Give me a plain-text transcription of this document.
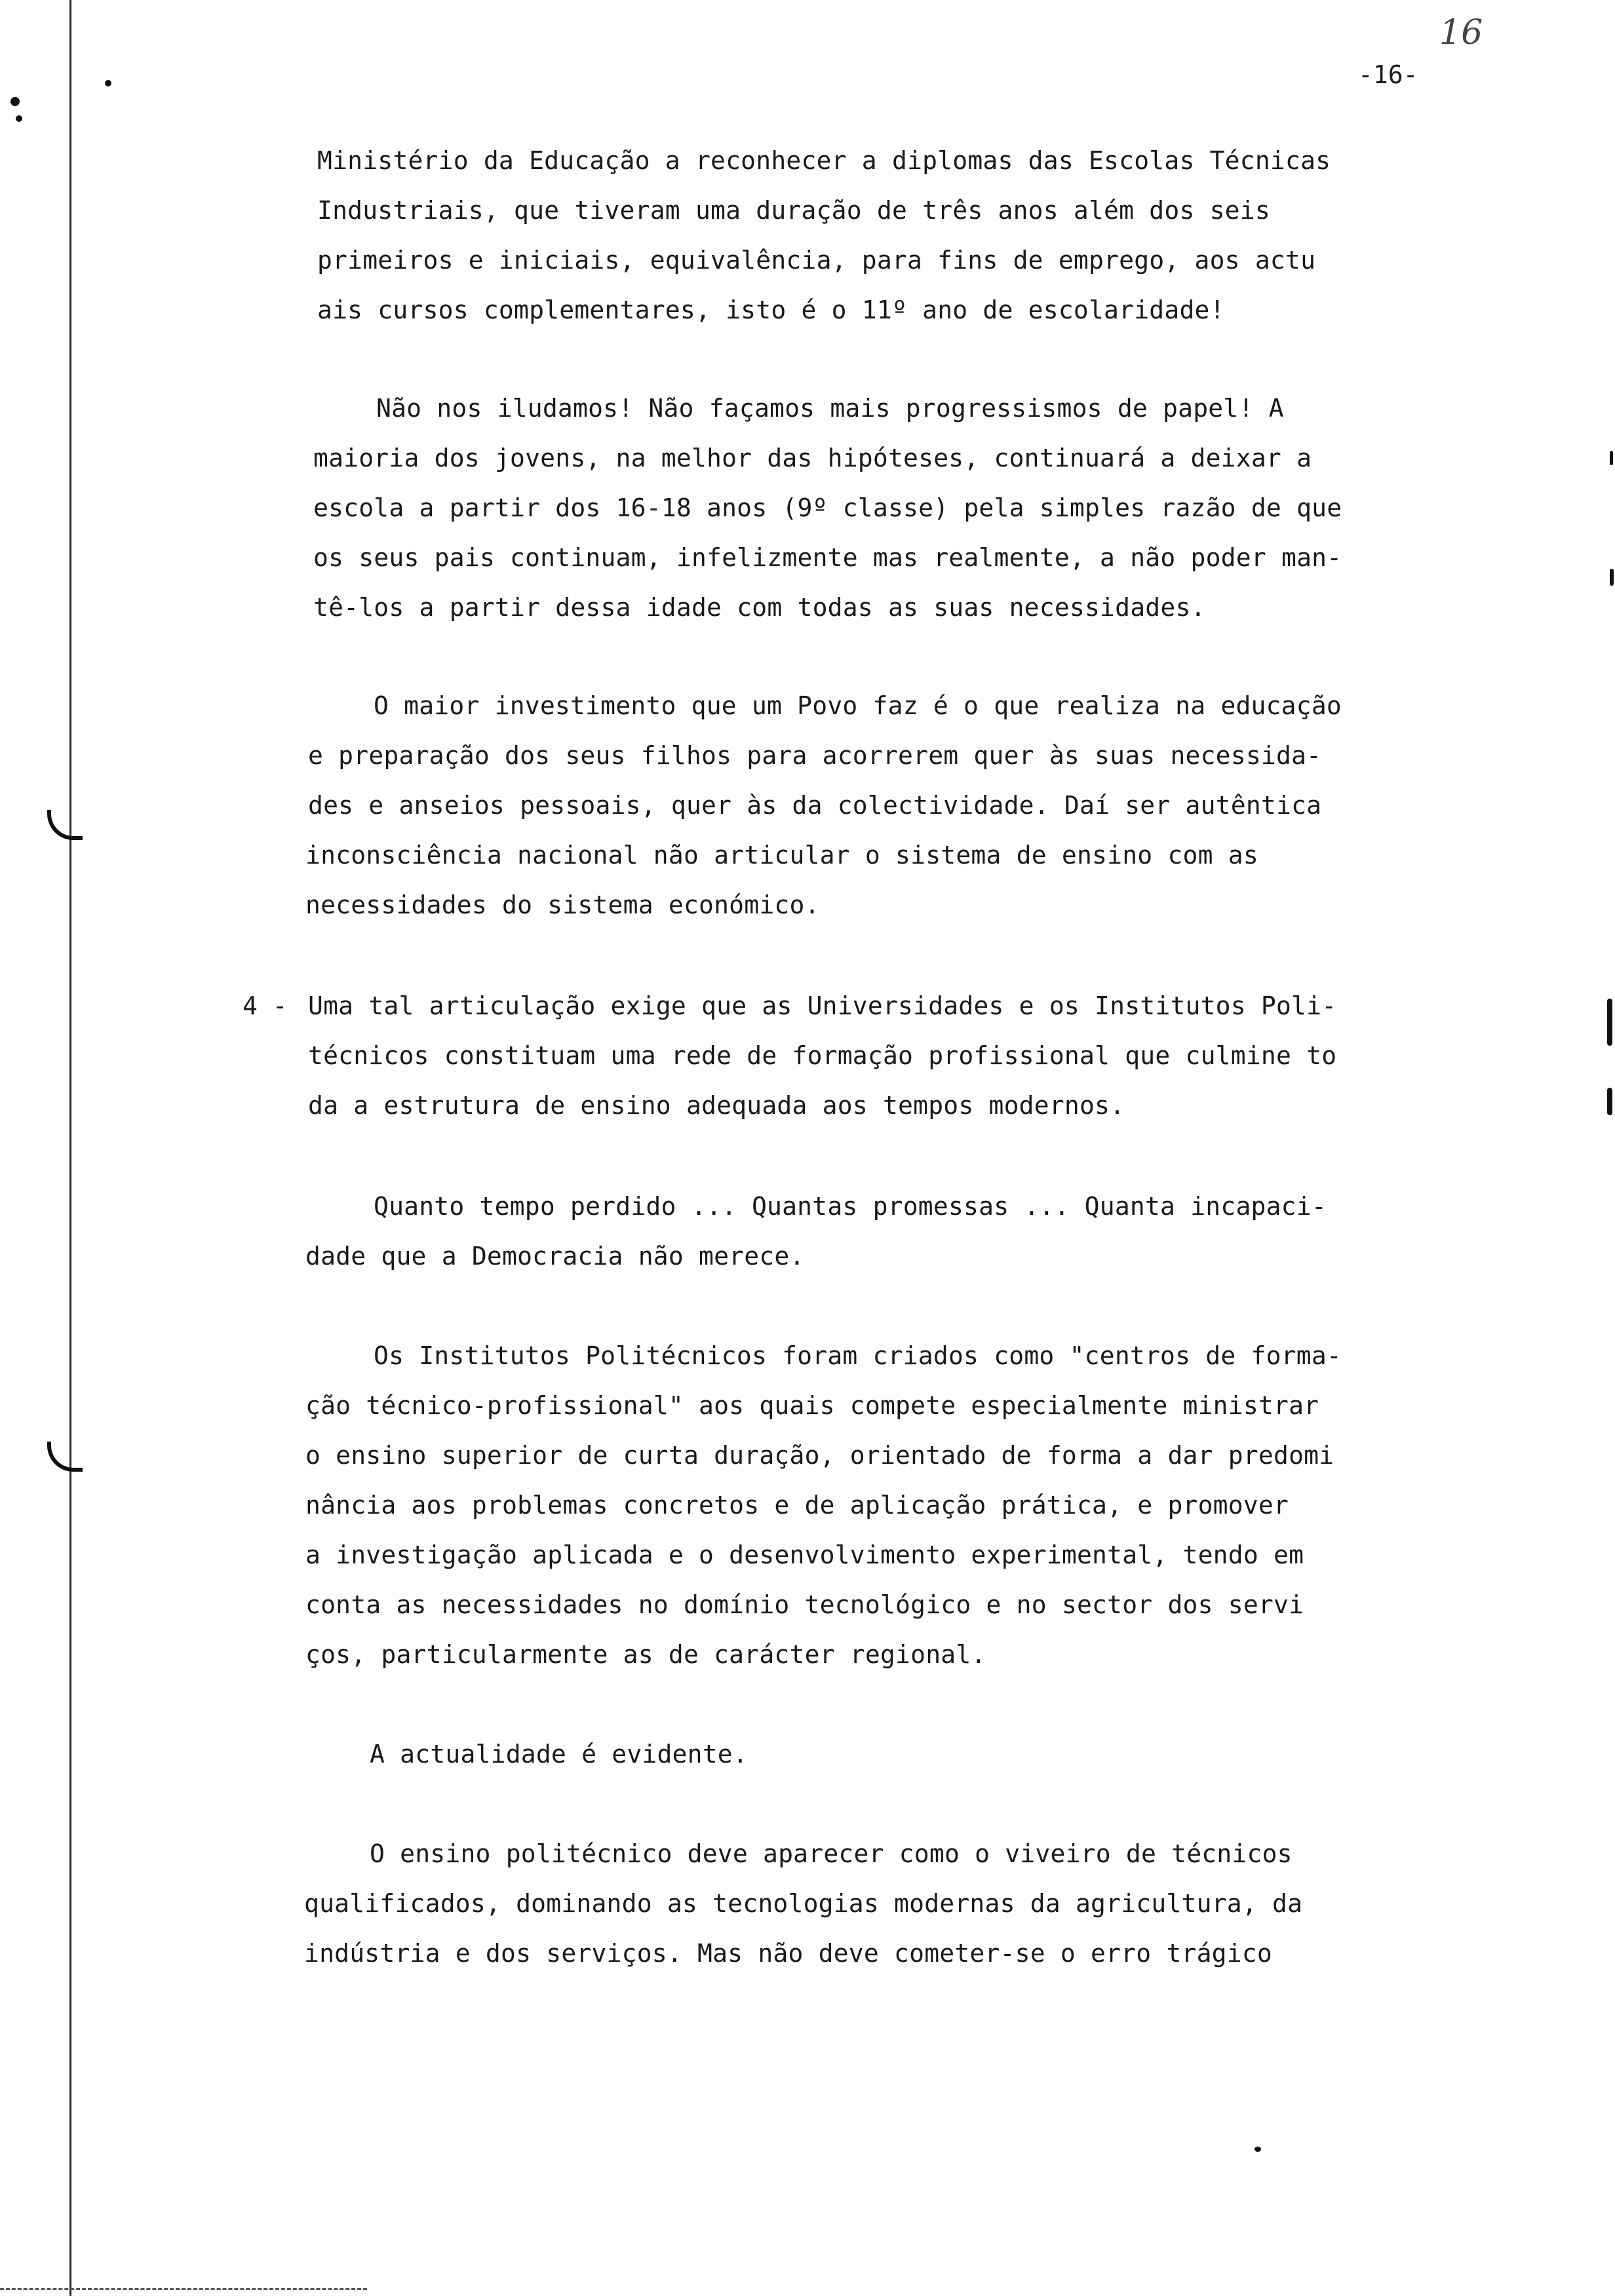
16
-16-
Ministério da Educação a reconhecer a diplomas das Escolas Técnicas
Industriais, que tiveram uma duração de três anos além dos seis
primeiros e iniciais, equivalência, para fins de emprego, aos actu
ais cursos complementares, isto é o 11º ano de escolaridade!
Não nos iludamos! Não façamos mais progressismos de papel! A
maioria dos jovens, na melhor das hipóteses, continuará a deixar a
escola a partir dos 16-18 anos (9º classe) pela simples razão de que
os seus pais continuam, infelizmente mas realmente, a não poder man-
tê-los a partir dessa idade com todas as suas necessidades.
O maior investimento que um Povo faz é o que realiza na educação
e preparação dos seus filhos para acorrerem quer às suas necessida-
des e anseios pessoais, quer às da colectividade. Daí ser autêntica
inconsciência nacional não articular o sistema de ensino com as
necessidades do sistema económico.
4 - Uma tal articulação exige que as Universidades e os Institutos Poli-
técnicos constituam uma rede de formação profissional que culmine to
da a estrutura de ensino adequada aos tempos modernos.
Quanto tempo perdido ... Quantas promessas ... Quanta incapaci-
dade que a Democracia não merece.
Os Institutos Politécnicos foram criados como "centros de forma-
ção técnico-profissional" aos quais compete especialmente ministrar
o ensino superior de curta duração, orientado de forma a dar predomi
nância aos problemas concretos e de aplicação prática, e promover
a investigação aplicada e o desenvolvimento experimental, tendo em
conta as necessidades no domínio tecnológico e no sector dos servi
ços, particularmente as de carácter regional.
A actualidade é evidente.
O ensino politécnico deve aparecer como o viveiro de técnicos
qualificados, dominando as tecnologias modernas da agricultura, da
indústria e dos serviços. Mas não deve cometer-se o erro trágico
